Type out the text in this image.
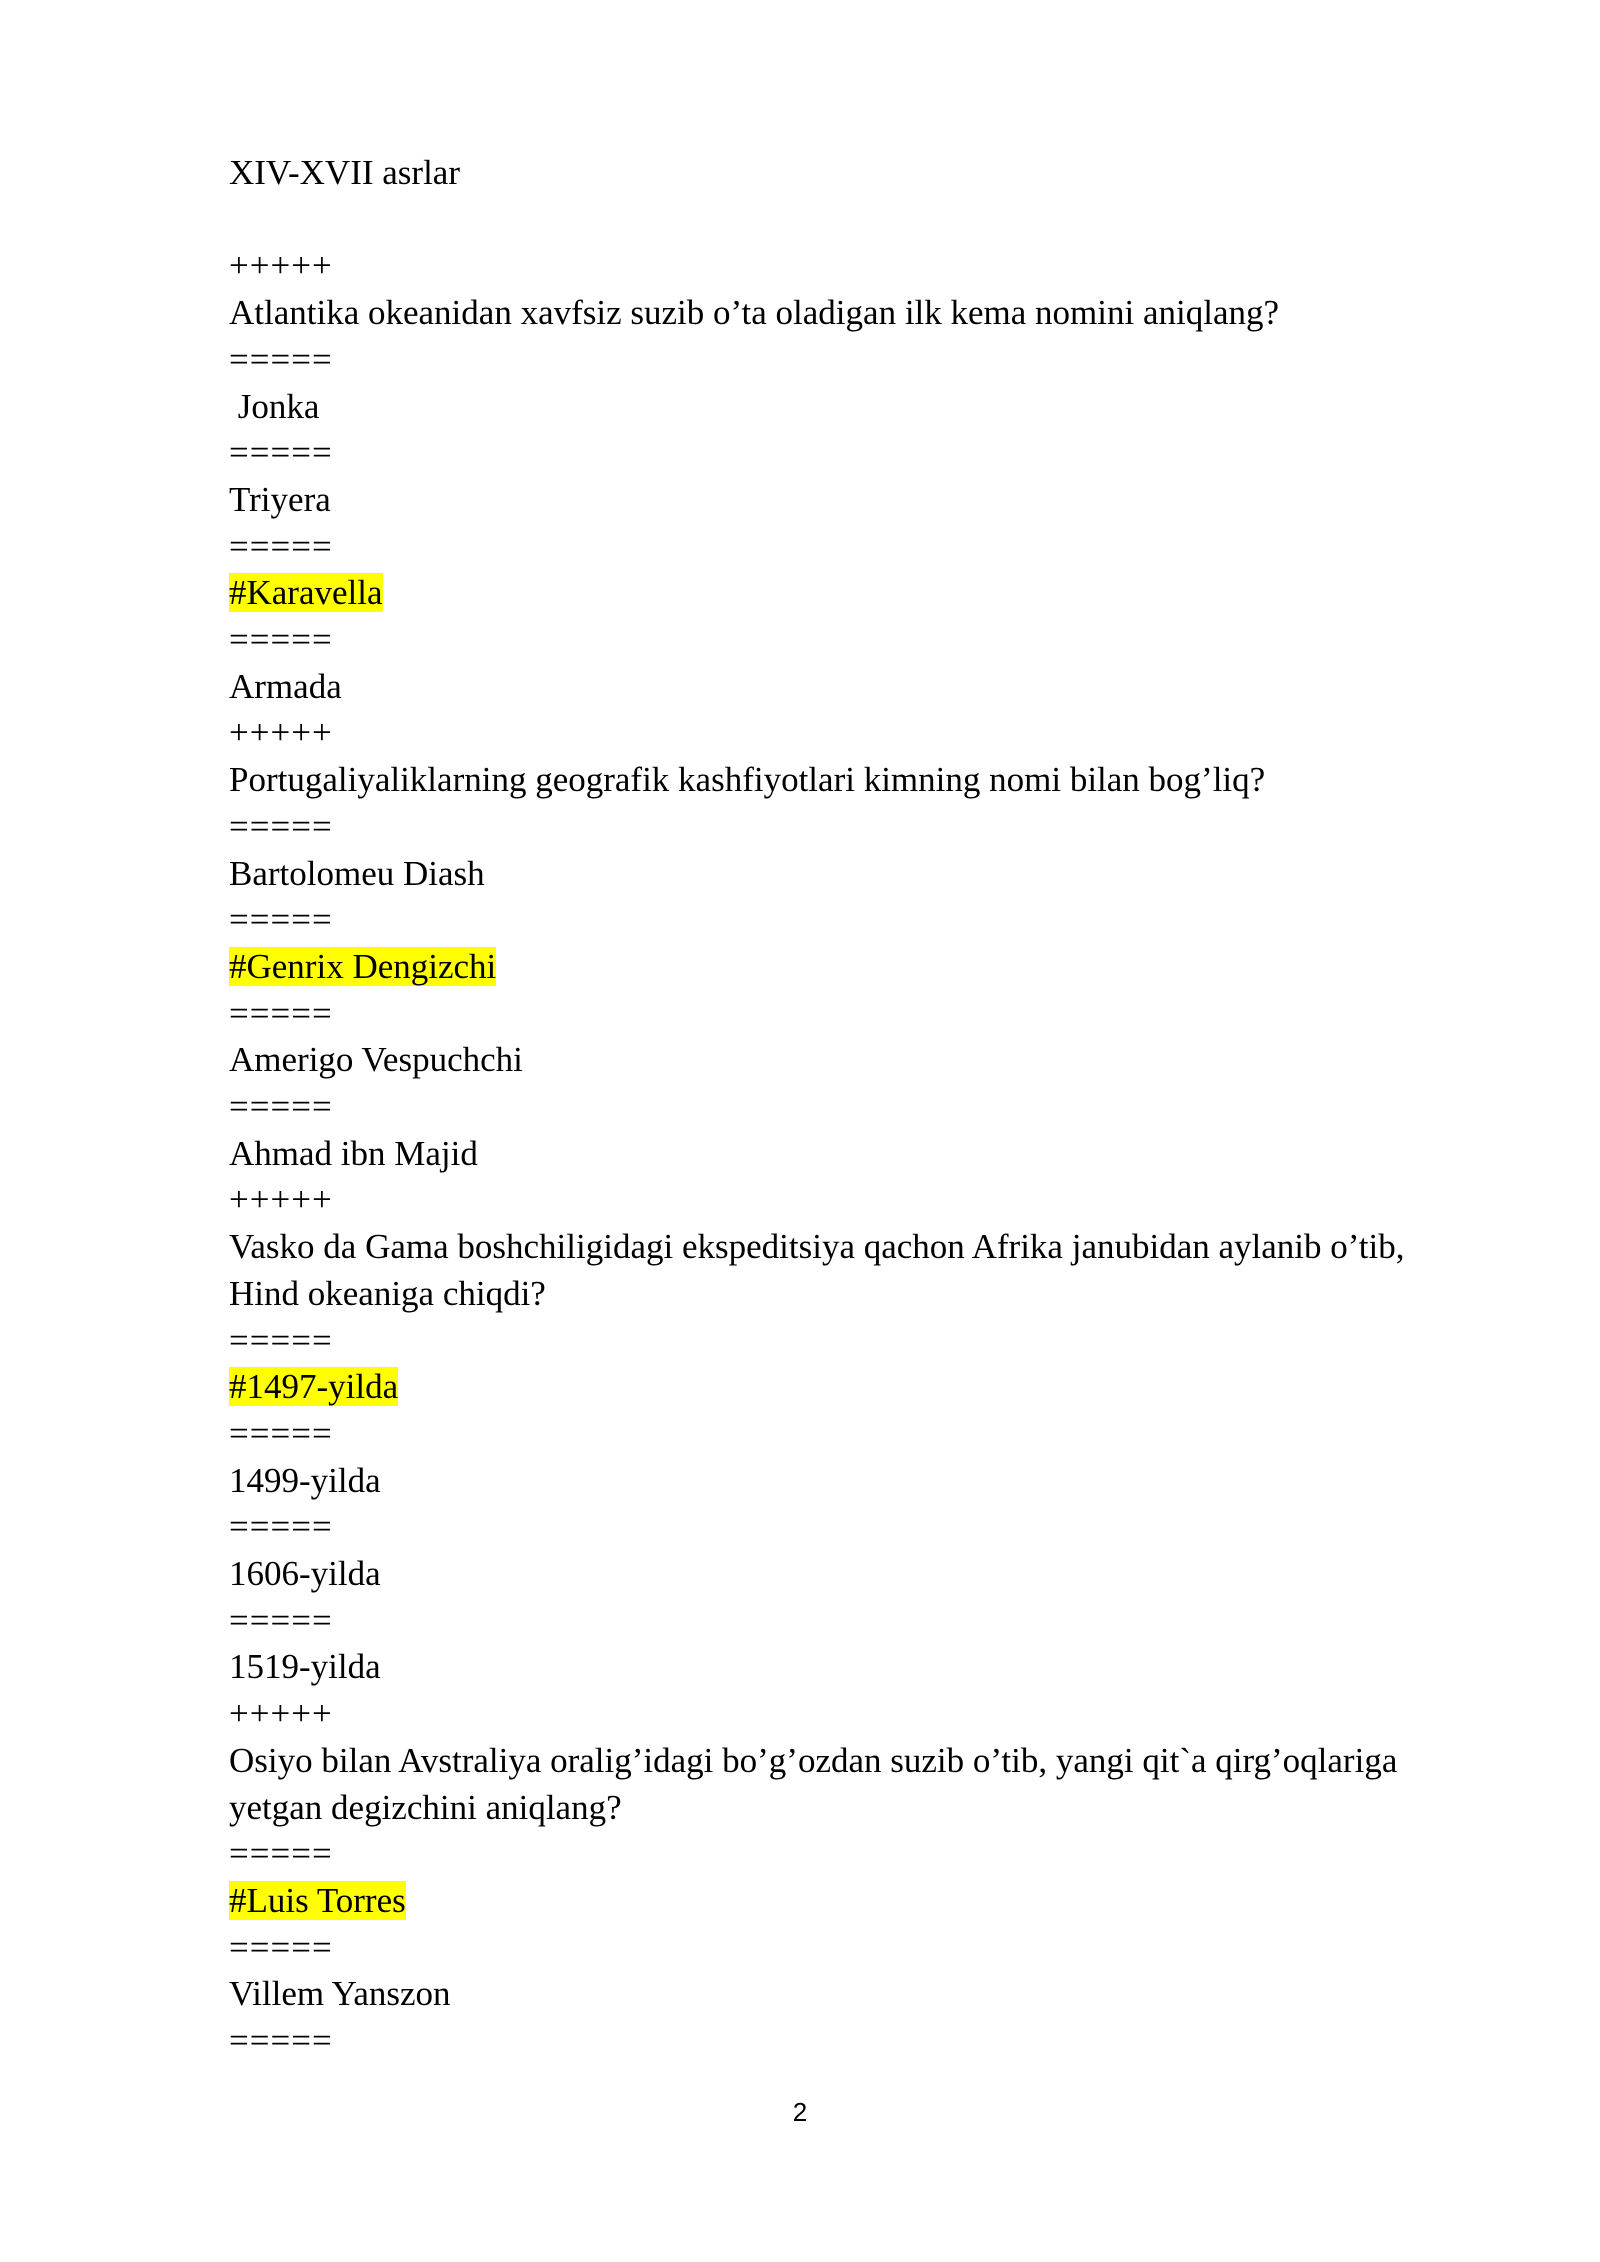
XIV-XVII asrlar

+++++

Atlantika okeanidan xavfsiz suzib o’ta oladigan ilk kema nomini aniqlang?

=====

Jonka

=====

Triyera

=====

#Karavella

=====

Armada

+++++

Portugaliyaliklarning geografik kashfiyotlari kimning nomi bilan bog’liq?

=====

Bartolomeu Diash

=====

#Genrix Dengizchi

=====

Amerigo Vespuchchi

=====

Ahmad ibn Majid

+++++

Vasko da Gama boshchiligidagi ekspeditsiya qachon Afrika janubidan aylanib o’tib, Hind okeaniga chiqdi?

=====

#1497-yilda

=====

1499-yilda

=====

1606-yilda

=====

1519-yilda

+++++

Osiyo bilan Avstraliya oralig’idagi bo’g’ozdan suzib o’tib, yangi qit`a qirg’oqlariga yetgan degizchini aniqlang?

=====

#Luis Torres

=====

Villem Yanszon

=====

2
